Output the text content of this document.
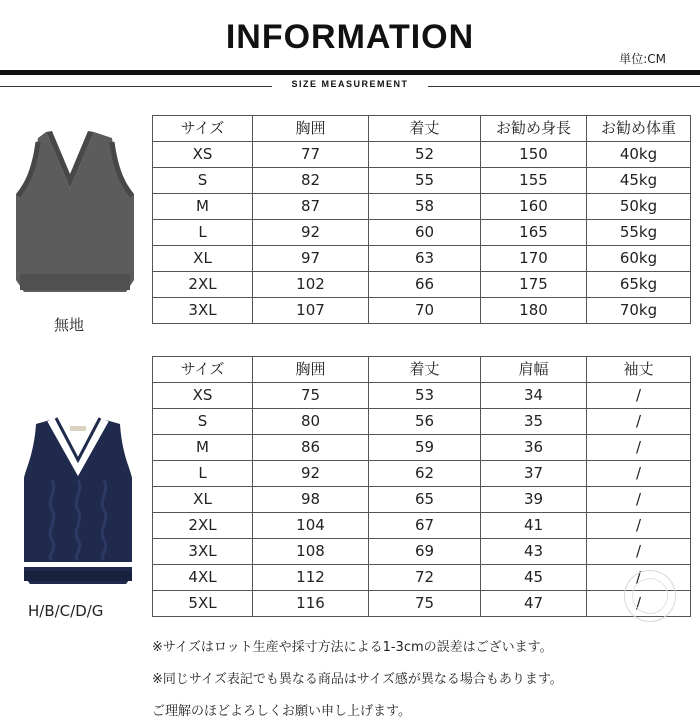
INFORMATION
単位:CM
SIZE MEASUREMENT
無地
H/B/C/D/G
サイズ	胸囲	着丈	お勧め身長	お勧め体重
XS	77	52	150	40kg
S	82	55	155	45kg
M	87	58	160	50kg
L	92	60	165	55kg
XL	97	63	170	60kg
2XL	102	66	175	65kg
3XL	107	70	180	70kg
サイズ	胸囲	着丈	肩幅	袖丈
XS	75	53	34	/
S	80	56	35	/
M	86	59	36	/
L	92	62	37	/
XL	98	65	39	/
2XL	104	67	41	/
3XL	108	69	43	/
4XL	112	72	45	/
5XL	116	75	47	/
※サイズはロット生産や採寸方法による1-3cmの誤差はございます。
※同じサイズ表記でも異なる商品はサイズ感が異なる場合もあります。
ご理解のほどよろしくお願い申し上げます。
